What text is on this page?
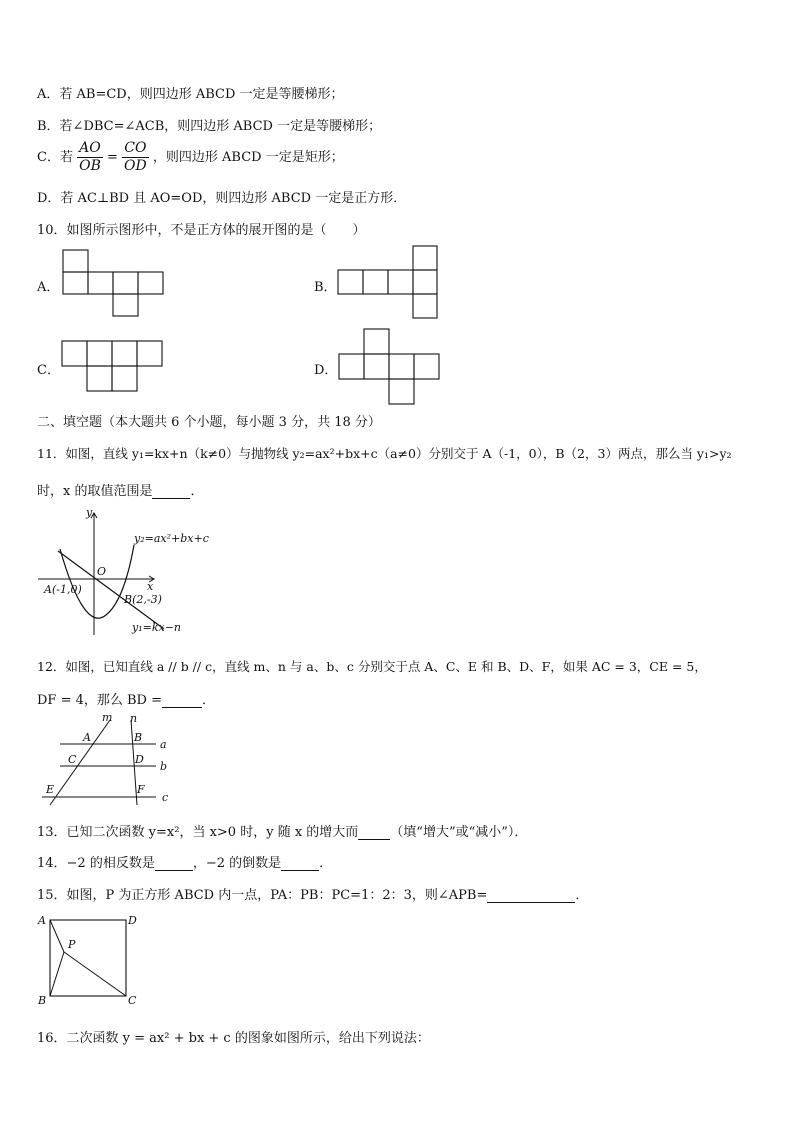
A．若 AB=CD，则四边形 ABCD 一定是等腰梯形；
B．若∠DBC=∠ACB，则四边形 ABCD 一定是等腰梯形；
C．若 $\frac{AO}{OB} = \frac{CO}{OD}$ ，则四边形 ABCD 一定是矩形；
D．若 AC⊥BD 且 AO=OD，则四边形 ABCD 一定是正方形．
10．如图所示图形中，不是正方体的展开图的是（　　）
A．	B．
C．	D．
二、填空题（本大题共 6 个小题，每小题 3 分，共 18 分）
11．如图，直线 y₁=kx+n（k≠0）与抛物线 y₂=ax²+bx+c（a≠0）分别交于 A（-1，0），B（2，3）两点，那么当 y₁>y₂
时，x 的取值范围是	．
y
x
O
y₂=ax²+bx+c
y₁=kx−n
A(-1,0)
B(2,-3)
12．如图，已知直线 a // b // c，直线 m、n 与 a、b、c 分别交于点 A、C、E 和 B、D、F，如果 AC = 3，CE = 5，
DF = 4，那么 BD =	．
m n
A	B
C	D
E	F
a
b
c
13．已知二次函数 y=x²，当 x>0 时，y 随 x 的增大而 （填“增大”或“减小”）．
14．−2 的相反数是	，−2 的倒数是	．
15．如图，P 为正方形 ABCD 内一点，PA：PB：PC=1：2：3，则∠APB=	．
A	D
B	C
P
16．二次函数 y = ax² + bx + c 的图象如图所示，给出下列说法：
